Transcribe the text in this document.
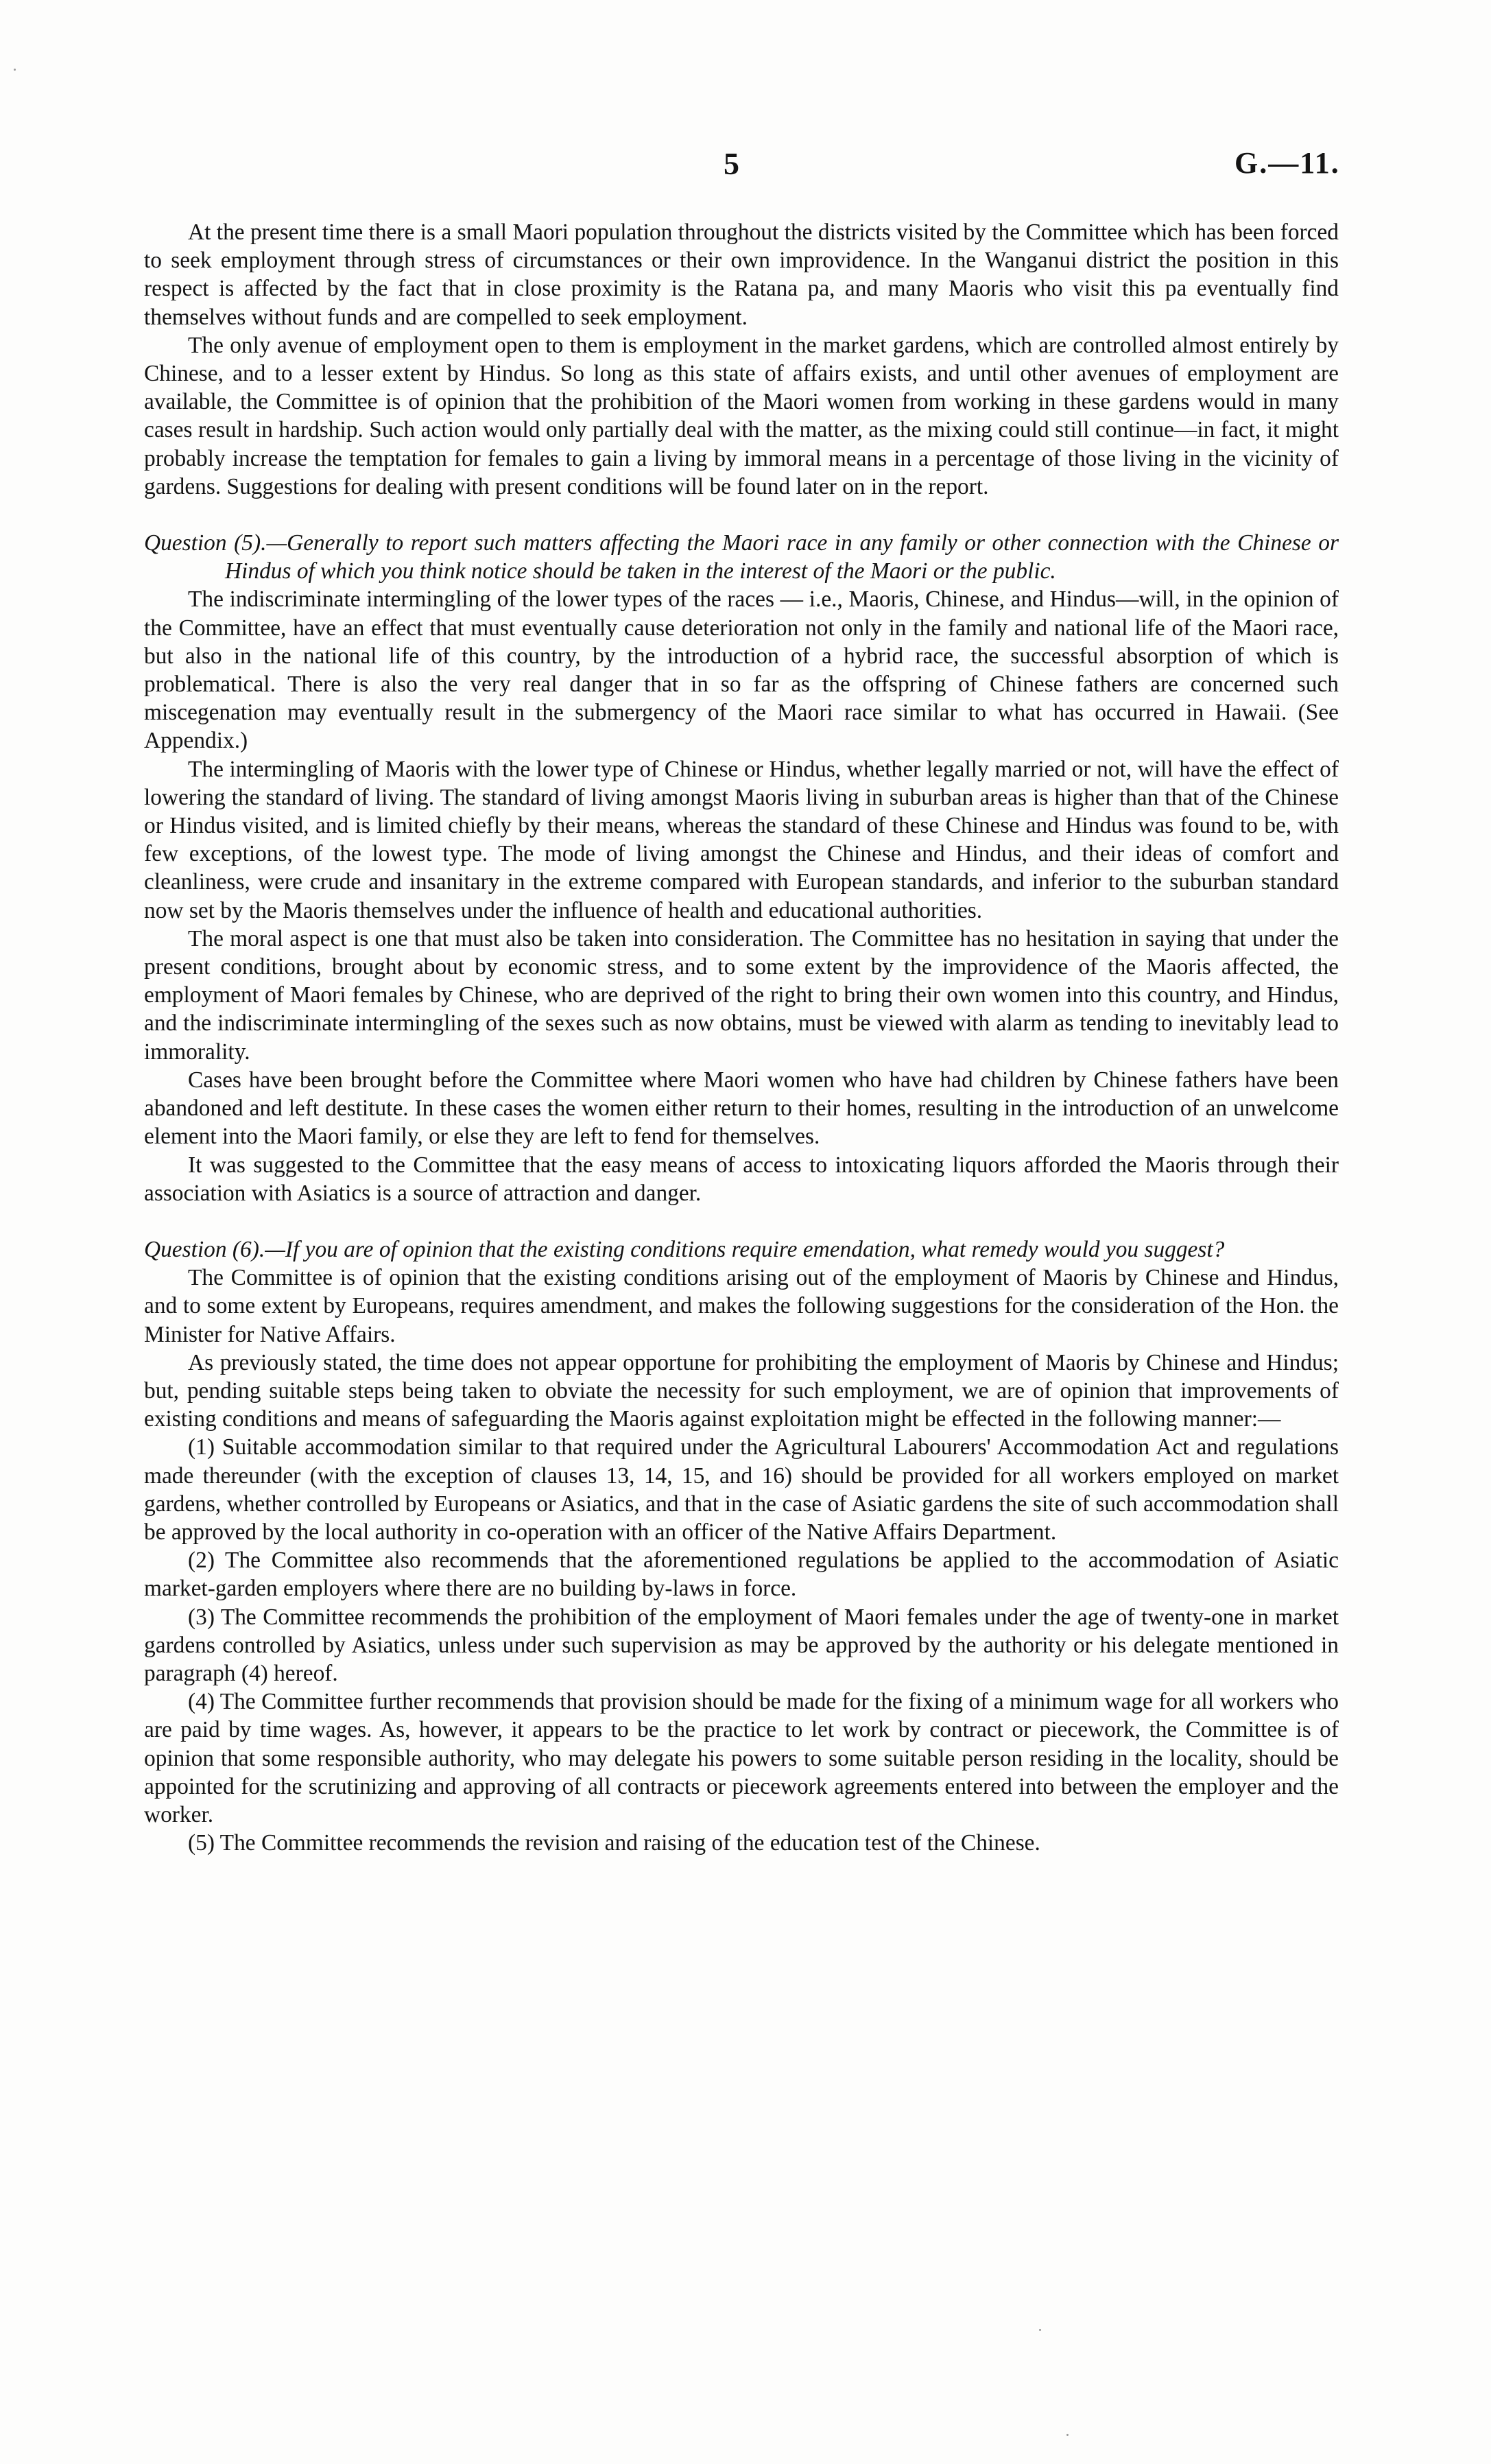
5	G.—11.

At the present time there is a small Maori population throughout the districts visited by the Committee which has been forced to seek employment through stress of circumstances or their own improvidence. In the Wanganui district the position in this respect is affected by the fact that in close proximity is the Ratana pa, and many Maoris who visit this pa eventually find themselves without funds and are compelled to seek employment.

The only avenue of employment open to them is employment in the market gardens, which are controlled almost entirely by Chinese, and to a lesser extent by Hindus. So long as this state of affairs exists, and until other avenues of employment are available, the Committee is of opinion that the prohibition of the Maori women from working in these gardens would in many cases result in hardship. Such action would only partially deal with the matter, as the mixing could still continue—in fact, it might probably increase the temptation for females to gain a living by immoral means in a percentage of those living in the vicinity of gardens. Suggestions for dealing with present conditions will be found later on in the report.

Question (5).—Generally to report such matters affecting the Maori race in any family or other connection with the Chinese or Hindus of which you think notice should be taken in the interest of the Maori or the public.

The indiscriminate intermingling of the lower types of the races — i.e., Maoris, Chinese, and Hindus—will, in the opinion of the Committee, have an effect that must eventually cause deterioration not only in the family and national life of the Maori race, but also in the national life of this country, by the introduction of a hybrid race, the successful absorption of which is problematical. There is also the very real danger that in so far as the offspring of Chinese fathers are concerned such miscegenation may eventually result in the submergency of the Maori race similar to what has occurred in Hawaii. (See Appendix.)

The intermingling of Maoris with the lower type of Chinese or Hindus, whether legally married or not, will have the effect of lowering the standard of living. The standard of living amongst Maoris living in suburban areas is higher than that of the Chinese or Hindus visited, and is limited chiefly by their means, whereas the standard of these Chinese and Hindus was found to be, with few exceptions, of the lowest type. The mode of living amongst the Chinese and Hindus, and their ideas of comfort and cleanliness, were crude and insanitary in the extreme compared with European standards, and inferior to the suburban standard now set by the Maoris themselves under the influence of health and educational authorities.

The moral aspect is one that must also be taken into consideration. The Committee has no hesitation in saying that under the present conditions, brought about by economic stress, and to some extent by the improvidence of the Maoris affected, the employment of Maori females by Chinese, who are deprived of the right to bring their own women into this country, and Hindus, and the indiscriminate intermingling of the sexes such as now obtains, must be viewed with alarm as tending to inevitably lead to immorality.

Cases have been brought before the Committee where Maori women who have had children by Chinese fathers have been abandoned and left destitute. In these cases the women either return to their homes, resulting in the introduction of an unwelcome element into the Maori family, or else they are left to fend for themselves.

It was suggested to the Committee that the easy means of access to intoxicating liquors afforded the Maoris through their association with Asiatics is a source of attraction and danger.

Question (6).—If you are of opinion that the existing conditions require emendation, what remedy would you suggest?

The Committee is of opinion that the existing conditions arising out of the employment of Maoris by Chinese and Hindus, and to some extent by Europeans, requires amendment, and makes the following suggestions for the consideration of the Hon. the Minister for Native Affairs.

As previously stated, the time does not appear opportune for prohibiting the employment of Maoris by Chinese and Hindus; but, pending suitable steps being taken to obviate the necessity for such employment, we are of opinion that improvements of existing conditions and means of safeguarding the Maoris against exploitation might be effected in the following manner:—

(1) Suitable accommodation similar to that required under the Agricultural Labourers' Accommodation Act and regulations made thereunder (with the exception of clauses 13, 14, 15, and 16) should be provided for all workers employed on market gardens, whether controlled by Europeans or Asiatics, and that in the case of Asiatic gardens the site of such accommodation shall be approved by the local authority in co-operation with an officer of the Native Affairs Department.

(2) The Committee also recommends that the aforementioned regulations be applied to the accommodation of Asiatic market-garden employers where there are no building by-laws in force.

(3) The Committee recommends the prohibition of the employment of Maori females under the age of twenty-one in market gardens controlled by Asiatics, unless under such supervision as may be approved by the authority or his delegate mentioned in paragraph (4) hereof.

(4) The Committee further recommends that provision should be made for the fixing of a minimum wage for all workers who are paid by time wages. As, however, it appears to be the practice to let work by contract or piecework, the Committee is of opinion that some responsible authority, who may delegate his powers to some suitable person residing in the locality, should be appointed for the scrutinizing and approving of all contracts or piecework agreements entered into between the employer and the worker.

(5) The Committee recommends the revision and raising of the education test of the Chinese.
